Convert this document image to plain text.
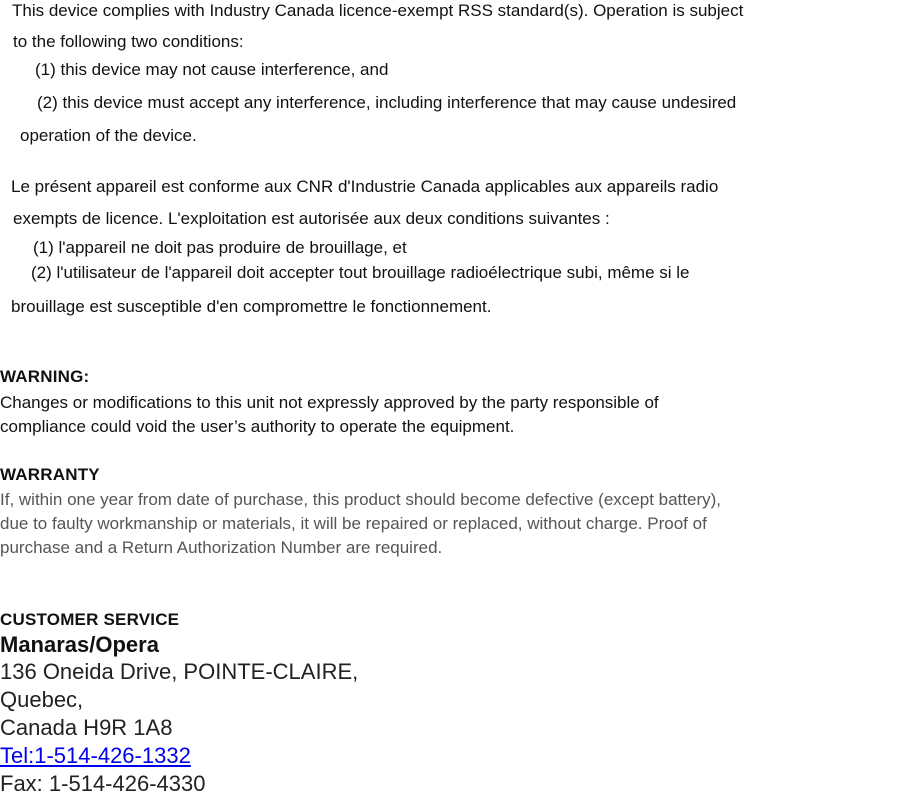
This device complies with Industry Canada licence-exempt RSS standard(s). Operation is subject

to the following two conditions:

(1) this device may not cause interference, and

(2) this device must accept any interference, including interference that may cause undesired

operation of the device.

Le présent appareil est conforme aux CNR d'Industrie Canada applicables aux appareils radio

exempts de licence. L'exploitation est autorisée aux deux conditions suivantes :

(1) l'appareil ne doit pas produire de brouillage, et

(2) l'utilisateur de l'appareil doit accepter tout brouillage radioélectrique subi, même si le

brouillage est susceptible d'en compromettre le fonctionnement.

WARNING:

Changes or modifications to this unit not expressly approved by the party responsible of

compliance could void the user’s authority to operate the equipment.

WARRANTY

If, within one year from date of purchase, this product should become defective (except battery),

due to faulty workmanship or materials, it will be repaired or replaced, without charge. Proof of

purchase and a Return Authorization Number are required.

CUSTOMER SERVICE

Manaras/Opera

136 Oneida Drive, POINTE-CLAIRE,

Quebec,

Canada H9R 1A8

Tel:1-514-426-1332

Fax: 1-514-426-4330
